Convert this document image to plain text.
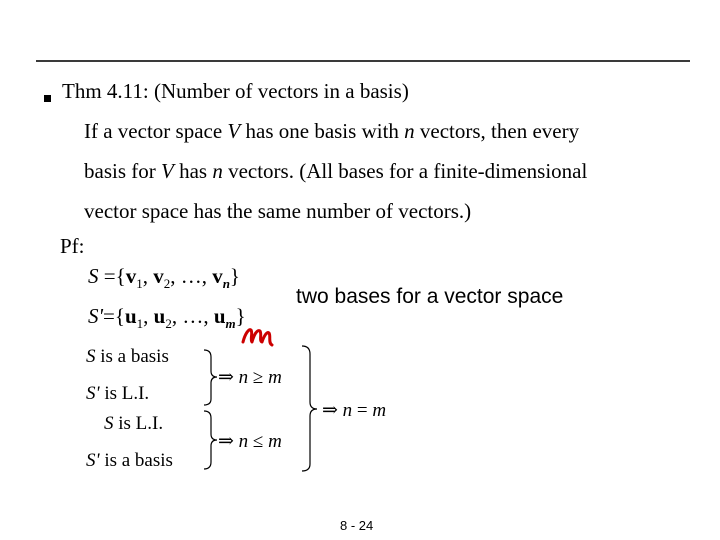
Thm 4.11: (Number of vectors in a basis)
If a vector space V has one basis with n vectors, then every
basis for V has n vectors. (All bases for a finite-dimensional
vector space has the same number of vectors.)
Pf:
$S =\{v_1$, $v_2$, …, $v_n$}
$S'=\{u_1$, $u_2$, …, $u_m$}
two bases for a vector space
S is a basis
S' is L.I.
S is L.I.
S' is a basis
⇒ n ≥ m
⇒ n ≤ m
⇒ n = m
8 - 24
